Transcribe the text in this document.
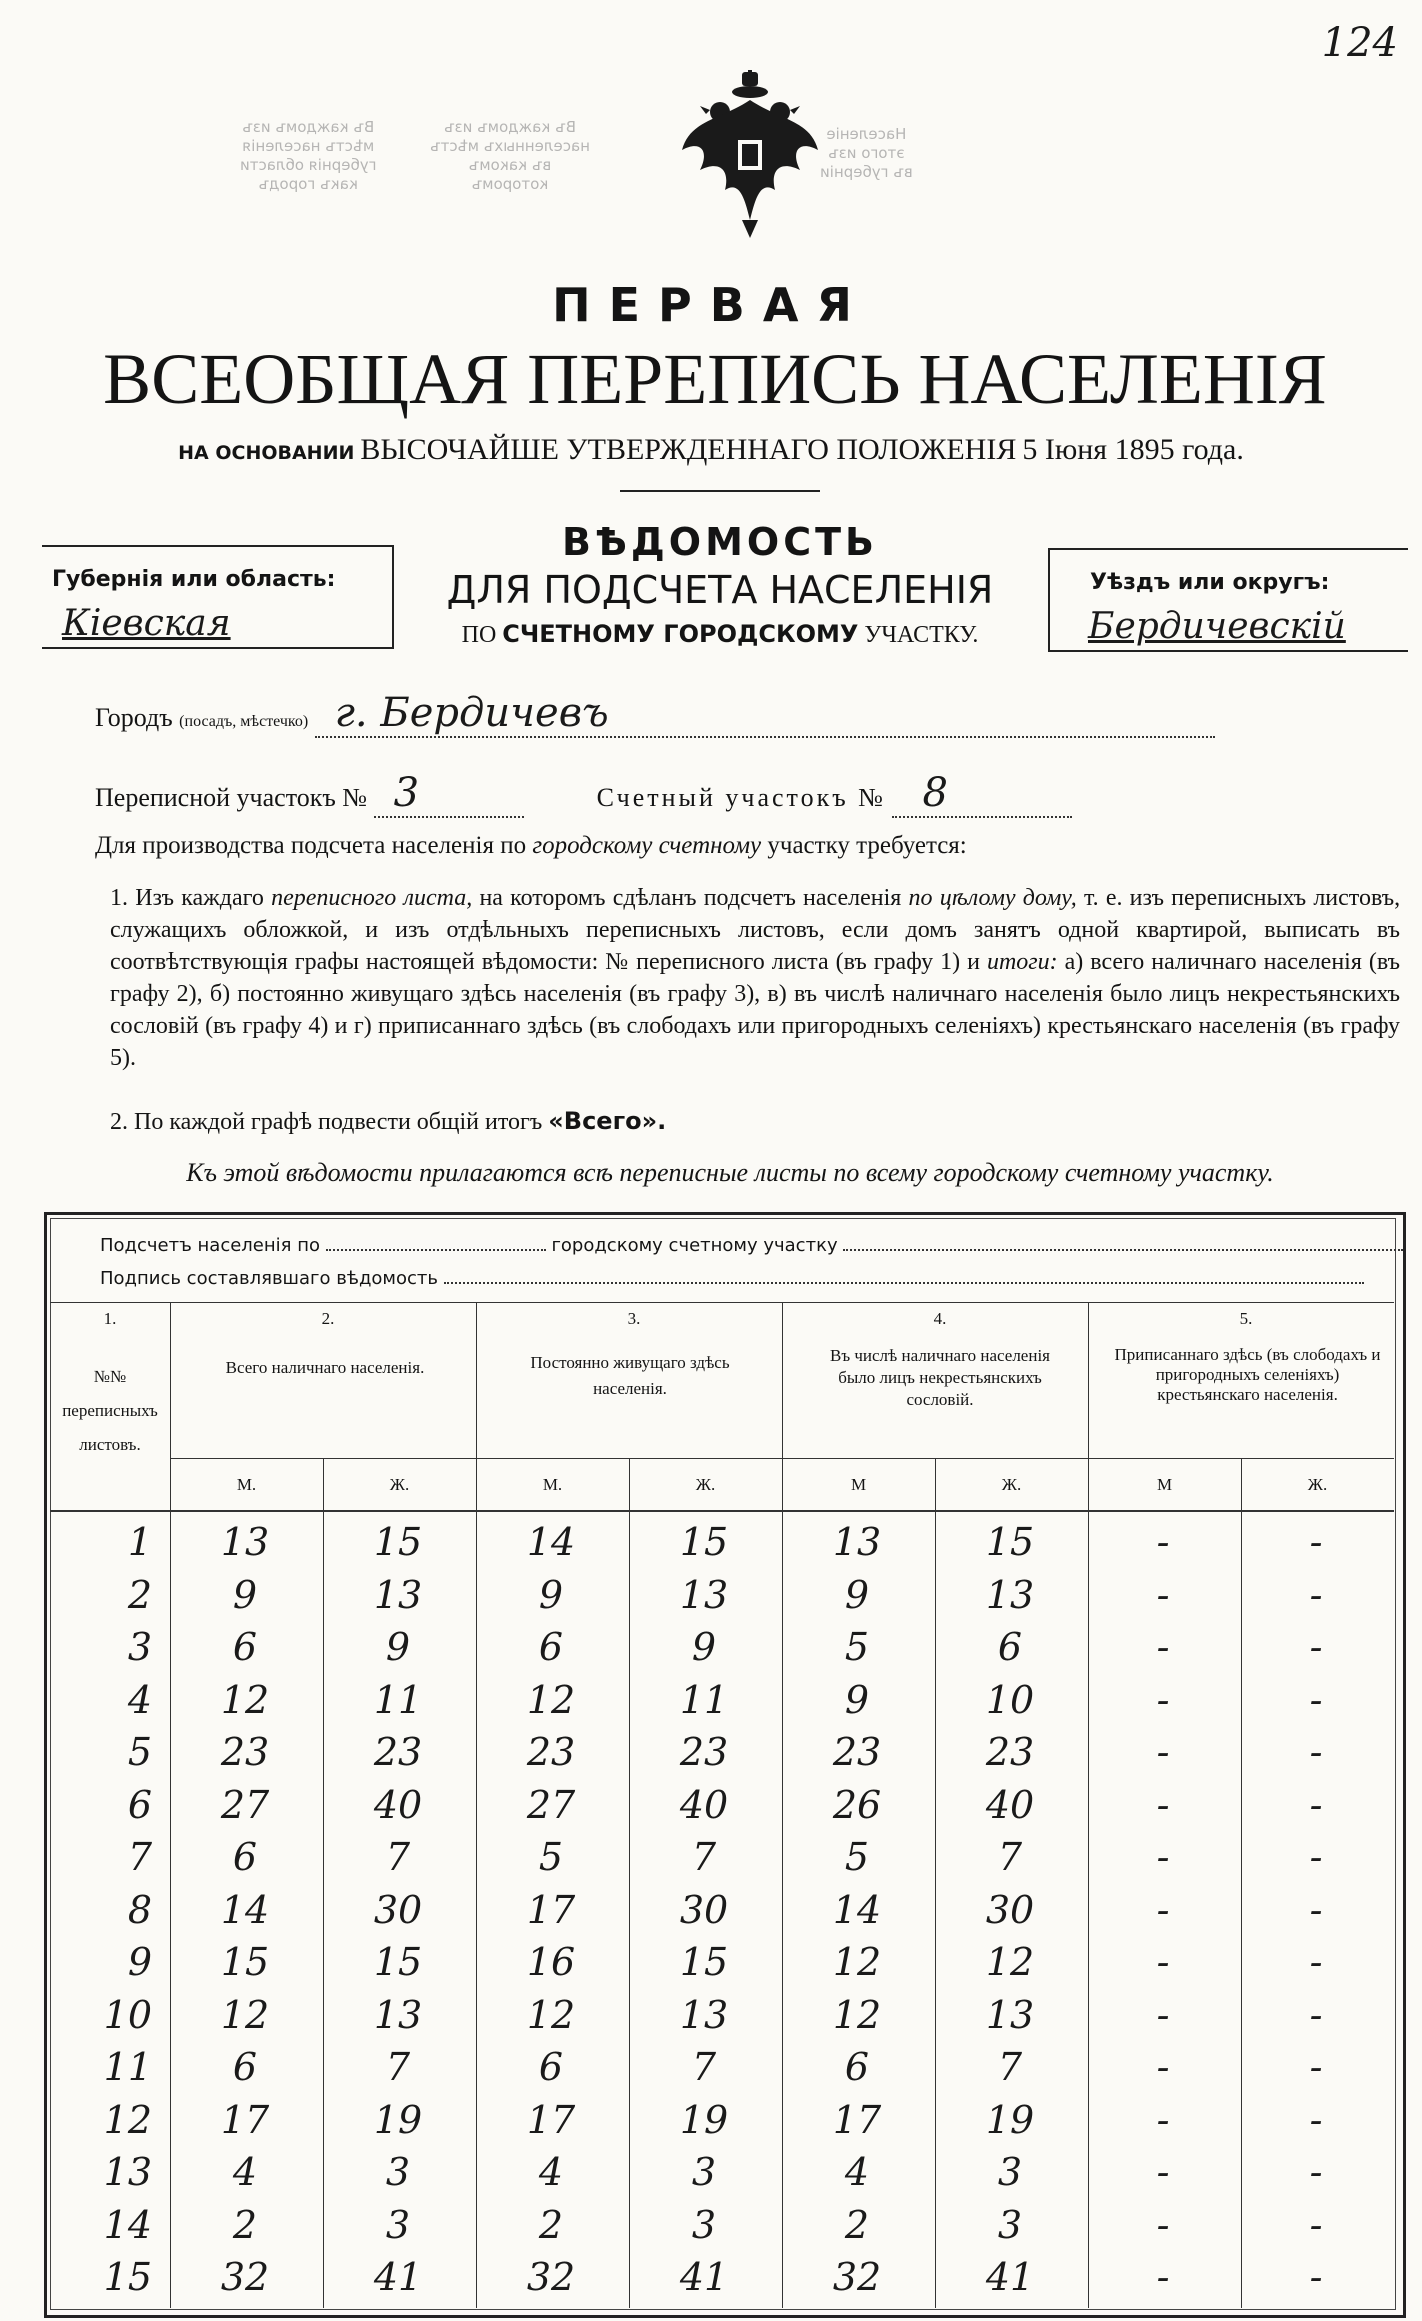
124
Въ каждомъ изъ
мѣстъ населенія
губернія области
какъ городъ
Въ каждомъ изъ
населенныхъ мѣстъ
въ какомъ
которомъ
Населеніе
этого изъ
въ губерніи
ПЕРВАЯ
ВСЕОБЩАЯ ПЕРЕПИСЬ НАСЕЛЕНІЯ
НА ОСНОВАНИИ ВЫСОЧАЙШЕ УТВЕРЖДЕННАГО ПОЛОЖЕНІЯ 5 Іюня 1895 года.
Губернія или область:
Кіевская
ВѢДОМОСТЬ
ДЛЯ ПОДСЧЕТА НАСЕЛЕНІЯ
ПО СЧЕТНОМУ ГОРОДСКОМУ УЧАСТКУ.
Уѣздъ или округъ:
Бердичевскій
Городъ (посадъ, мѣстечко) г. Бердичевъ
Переписной участокъ № 3	Счетный участокъ № 8
Для производства подсчета населенія по городскому счетному участку требуется:
1. Изъ каждаго переписного листа, на которомъ сдѣланъ подсчетъ населенія по цѣлому дому, т. е. изъ переписныхъ листовъ, служащихъ обложкой, и изъ отдѣльныхъ переписныхъ листовъ, если домъ занятъ одной квартирой, выписать въ соотвѣтствующія графы настоящей вѣдомости: № переписного листа (въ графу 1) и итоги: а) всего наличнаго населенія (въ графу 2), б) постоянно живущаго здѣсь населенія (въ графу 3), в) въ числѣ наличнаго населенія было лицъ некрестьянскихъ сословій (въ графу 4) и г) приписаннаго здѣсь (въ слободахъ или пригородныхъ селеніяхъ) крестьянскаго населенія (въ графу 5).
2. По каждой графѣ подвести общій итогъ «Всего».
Къ этой вѣдомости прилагаются всѣ переписные листы по всему городскому счетному участку.
Подсчетъ населенія по	городскому счетному участку
Подпись составлявшаго вѣдомость
1.	2.	3.	4.	5.
№№ переписныхъ листовъ.
Всего наличнаго населенія.	Постоянно живущаго здѣсь населенія.
Въ числѣ наличнаго населенія было лицъ некрестьянскихъ сословій.
Приписаннаго здѣсь (въ слободахъ и пригородныхъ селеніяхъ) крестьянскаго населенія.
М.	Ж.	М.	Ж.	М	Ж.	М	Ж.
1	13	15	14	15	13	15	-	-
2	9	13	9	13	9	13	-	-
3	6	9	6	9	5	6	-	-
4	12	11	12	11	9	10	-	-
5	23	23	23	23	23	23	-	-
6	27	40	27	40	26	40	-	-
7	6	7	5	7	5	7	-	-
8	14	30	17	30	14	30	-	-
9	15	15	16	15	12	12	-	-
10	12	13	12	13	12	13	-	-
11	6	7	6	7	6	7	-	-
12	17	19	17	19	17	19	-	-
13	4	3	4	3	4	3	-	-
14	2	3	2	3	2	3	-	-
15	32	41	32	41	32	41	-	-
